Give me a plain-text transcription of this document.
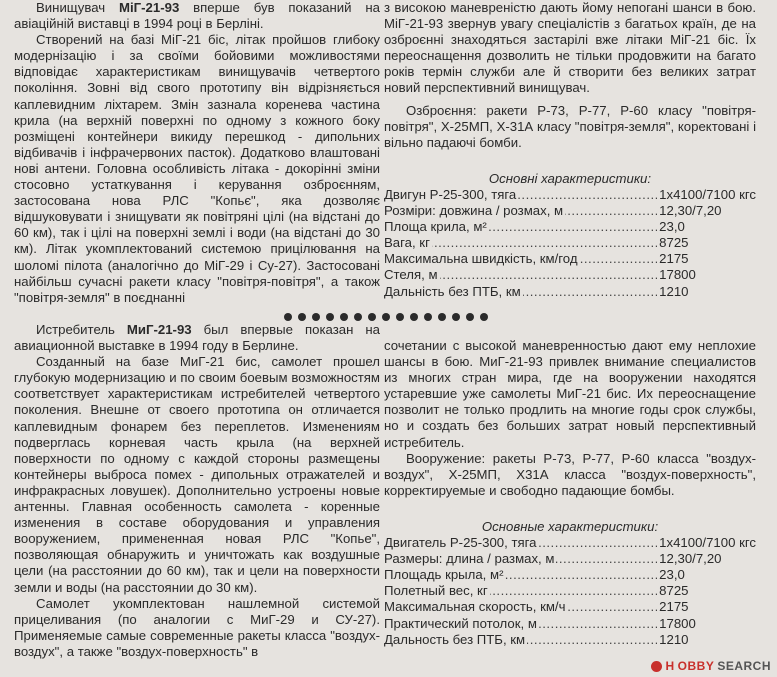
Винищувач МіГ-21-93 вперше був показаний на авіаційній виставці в 1994 році в Берліні.

Створений на базі МіГ-21 біс, літак пройшов глибоку модернізацію і за своїми бойовими можливостями відповідає характеристикам винищувачів четвертого покоління. Зовні від свого прототипу він відрізняється каплевидним ліхтарем. Змін зазнала коренева частина крила (на верхній поверхні по одному з кожного боку розміщені контейнери викиду перешкод - дипольних відбивачів і інфрачервоних пасток). Додатково влаштовані нові антени. Головна особливість літака - докорінні зміни стосовно устаткування і керування озброєнням, застосована нова РЛС "Копьє", яка дозволяє відшуковувати і знищувати як повітряні цілі (на відстані до 60 км), так і цілі на поверхні землі і води (на відстані до 30 км). Літак укомплектований системою прицілювання на шоломі пілота (аналогічно до МіГ-29 і Су-27). Застосовані найбільш сучасні ракети класу "повітря-повітря", а також "повітря-земля" в поєднанні

з високою маневреністю дають йому непогані шанси в бою. МіГ-21-93 звернув увагу спеціалістів з багатьох країн, де на озброєнні знаходяться застарілі вже літаки МіГ-21 біс. Їх переоснащення дозволить не тільки продовжити на багато років термін служби але й створити без великих затрат новий перспективний винищувач.

Озброєння: ракети Р-73, Р-77, Р-60 класу "повітря-повітря", Х-25МП, Х-31А класу "повітря-земля", коректовані і вільно падаючі бомби.

Основні характеристики:

Двигун Р-25-300, тяга .....	1х4100/7100 кгс

Розміри: довжина / розмах, м .....	12,30/7,20

Площа крила, м² .....	23,0

Вага, кг .....	8725

Максимальна швидкість, км/год .....	2175

Стеля, м .....	17800

Дальність без ПТБ, км .....	1210

Истребитель МиГ-21-93 был впервые показан на авиационной выставке в 1994 году в Берлине.

Созданный на базе МиГ-21 бис, самолет прошел глубокую модернизацию и по своим боевым возможностям соответствует характеристикам истребителей четвертого поколения. Внешне от своего прототипа он отличается каплевидным фонарем без переплетов. Изменениям подверглась корневая часть крыла (на верхней поверхности по одному с каждой стороны размещены контейнеры выброса помех - дипольных отражателей и инфракрасных ловушек). Дополнительно устроены новые антенны. Главная особенность самолета - коренные изменения в составе оборудования и управления вооружением, примененная новая РЛС "Копье", позволяющая обнаружить и уничтожать как воздушные цели (на расстоянии до 60 км), так и цели на поверхности земли и воды (на расстоянии до 30 км).

Самолет укомплектован нашлемной системой прицеливания (по аналогии с МиГ-29 и СУ-27). Применяемые самые современные ракеты класса "воздух-воздух", а также "воздух-поверхность" в

сочетании с высокой маневренностью дают ему неплохие шансы в бою. МиГ-21-93 привлек внимание специалистов из многих стран мира, где на вооружении находятся устаревшие уже самолеты МиГ-21 бис. Их переоснащение позволит не только продлить на многие годы срок службы, но и создать без больших затрат новый перспективный истребитель.

Вооружение: ракеты Р-73, Р-77, Р-60 класса "воздух-воздух", Х-25МП, Х31А класса "воздух-поверхность", корректируемые и свободно падающие бомбы.

Основные характеристики:

Двигатель Р-25-300, тяга .....	1х4100/7100 кгс

Размеры: длина / размах, м .....	12,30/7,20

Площадь крыла, м² .....	23,0

Полетный вес, кг .....	8725

Максимальная скорость, км/ч .....	2175

Практический потолок, м .....	17800

Дальность без ПТБ, км .....	1210
H OBBY SEARCH
